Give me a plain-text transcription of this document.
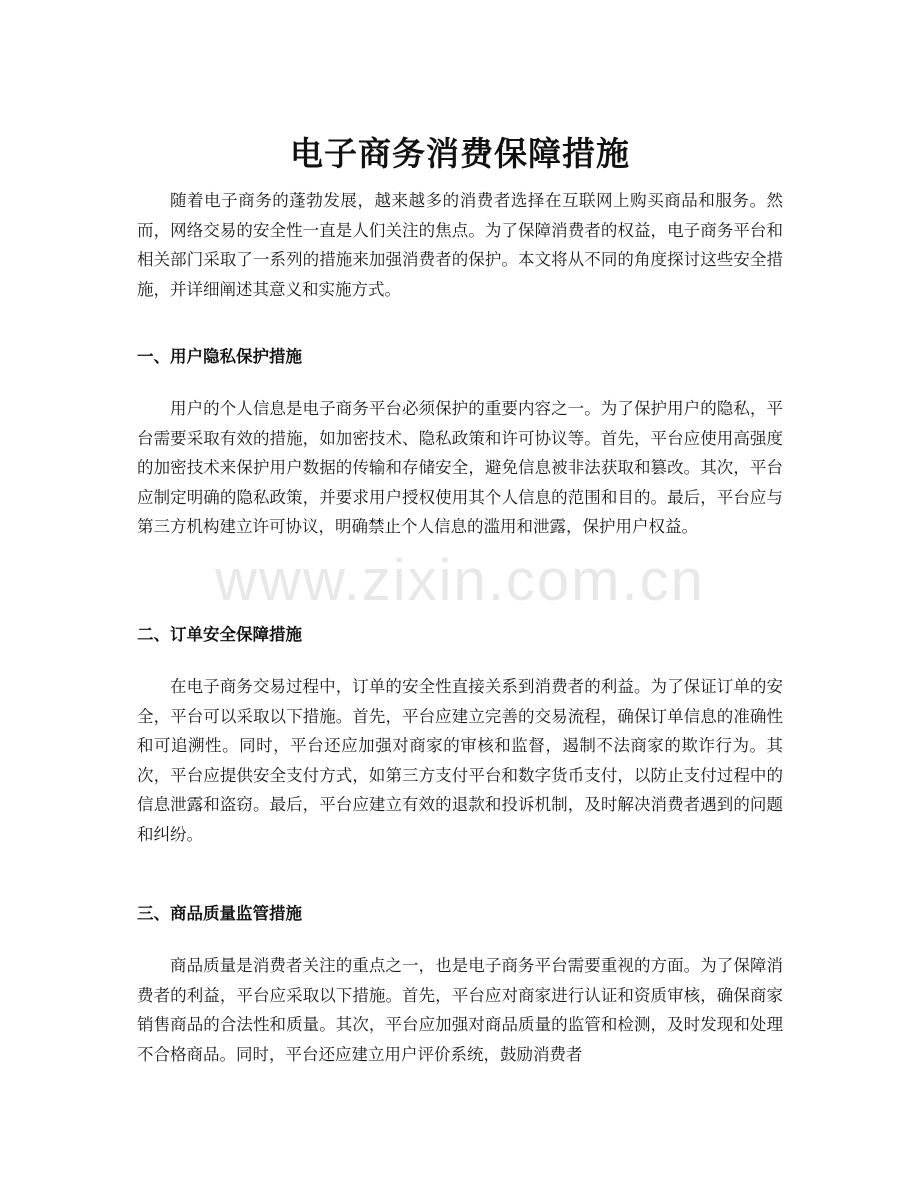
电子商务消费保障措施

随着电子商务的蓬勃发展，越来越多的消费者选择在互联网上购买商品和服务。然而，网络交易的安全性一直是人们关注的焦点。为了保障消费者的权益，电子商务平台和相关部门采取了一系列的措施来加强消费者的保护。本文将从不同的角度探讨这些安全措施，并详细阐述其意义和实施方式。

一、用户隐私保护措施

用户的个人信息是电子商务平台必须保护的重要内容之一。为了保护用户的隐私，平台需要采取有效的措施，如加密技术、隐私政策和许可协议等。首先，平台应使用高强度的加密技术来保护用户数据的传输和存储安全，避免信息被非法获取和篡改。其次，平台应制定明确的隐私政策，并要求用户授权使用其个人信息的范围和目的。最后，平台应与第三方机构建立许可协议，明确禁止个人信息的滥用和泄露，保护用户权益。

二、订单安全保障措施

在电子商务交易过程中，订单的安全性直接关系到消费者的利益。为了保证订单的安全，平台可以采取以下措施。首先，平台应建立完善的交易流程，确保订单信息的准确性和可追溯性。同时，平台还应加强对商家的审核和监督，遏制不法商家的欺诈行为。其次，平台应提供安全支付方式，如第三方支付平台和数字货币支付，以防止支付过程中的信息泄露和盗窃。最后，平台应建立有效的退款和投诉机制，及时解决消费者遇到的问题和纠纷。

三、商品质量监管措施

商品质量是消费者关注的重点之一，也是电子商务平台需要重视的方面。为了保障消费者的利益，平台应采取以下措施。首先，平台应对商家进行认证和资质审核，确保商家销售商品的合法性和质量。其次，平台应加强对商品质量的监管和检测，及时发现和处理不合格商品。同时，平台还应建立用户评价系统，鼓励消费者

www.zixin.com.cn
